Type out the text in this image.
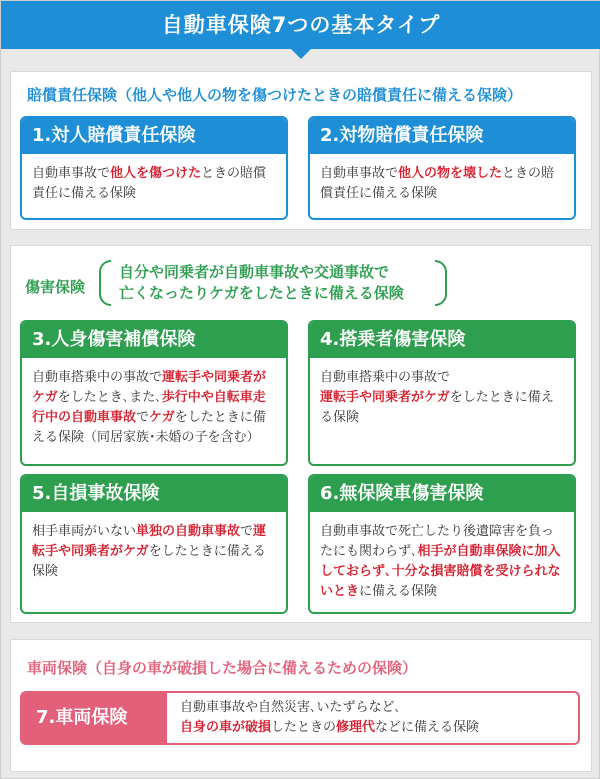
自動車保険7つの基本タイプ
賠償責任保険（他人や他人の物を傷つけたときの賠償責任に備える保険）
1.対人賠償責任保険
自動車事故で他人を傷つけたときの賠償責任に備える保険
2.対物賠償責任保険
自動車事故で他人の物を壊したときの賠償責任に備える保険
傷害保険
自分や同乗者が自動車事故や交通事故で
亡くなったりケガをしたときに備える保険
3.人身傷害補償保険
自動車搭乗中の事故で運転手や同乗者がケガをしたとき､また､歩行中や自転車走行中の自動車事故でケガをしたときに備える保険（同居家族･未婚の子を含む）
4.搭乗者傷害保険
自動車搭乗中の事故で
運転手や同乗者がケガをしたときに備える保険
5.自損事故保険
相手車両がいない単独の自動車事故で運転手や同乗者がケガをしたときに備える保険
6.無保険車傷害保険
自動車事故で死亡したり後遺障害を負ったにも関わらず､相手が自動車保険に加入しておらず､十分な損害賠償を受けられないときに備える保険
車両保険（自身の車が破損した場合に備えるための保険）
7.車両保険	自動車事故や自然災害､いたずらなど､
自身の車が破損したときの修理代などに備える保険
